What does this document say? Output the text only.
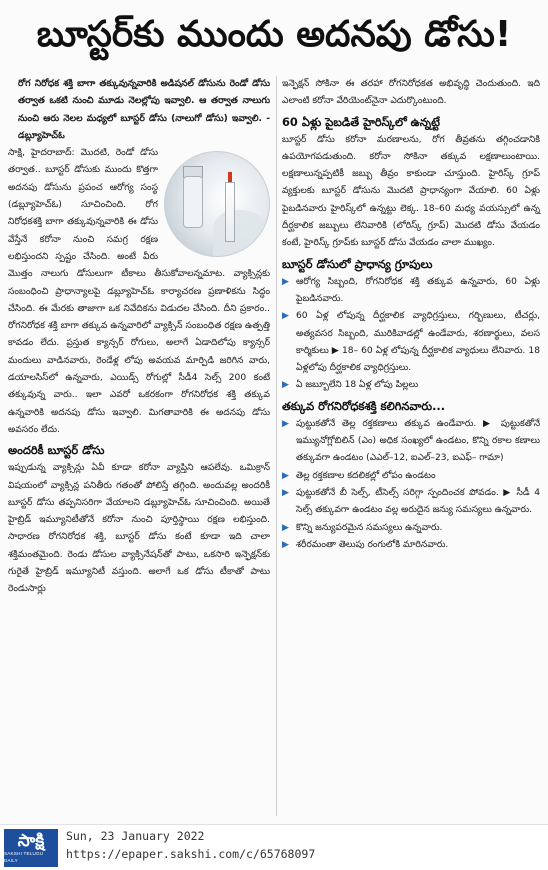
బూస్టర్‌కు ముందు అదనపు డోసు!

రోగ నిరోధక శక్తి బాగా తక్కువున్నవారికి అడిషనల్ డోసును రెండో డోసు తర్వాత ఒకటి నుంచి మూడు నెలల్లోపు ఇవ్వాలి. ఆ తర్వాత నాలుగు నుంచి ఆరు నెలల మధ్యలో బూస్టర్ డోసు (నాలుగో డోసు) ఇవ్వాలి. - డబ్ల్యూహెచ్ఓ

సాక్షి, హైదరాబాద్: మొదటి, రెండో డోసు తర్వాత.. బూస్టర్ డోసుకు ముందు కొత్తగా అదనపు డోసును ప్రపంచ ఆరోగ్య సంస్థ (డబ్ల్యూహెచ్ఓ) సూచించింది. రోగ నిరోధకశక్తి బాగా తక్కువున్నవారికి ఈ డోసు వేస్తేనే కరోనా నుంచి సమగ్ర రక్షణ లభిస్తుందని స్పష్టం చేసింది. అంటే వీరు మొత్తం నాలుగు డోసులుగా టీకాలు తీసుకోవాలన్నమాట. వ్యాక్సిన్లకు సంబంధించి ప్రాధాన్యాలపై డబ్ల్యూహెచ్ఓ కార్యాచరణ ప్రణాళికను సిద్ధం చేసింది. ఈ మేరకు తాజాగా ఒక నివేదికను విడుదల చేసింది. దీని ప్రకారం.. రోగనిరోధక శక్తి బాగా తక్కువ ఉన్నవారిలో వ్యాక్సిన్ సంబంధిత రక్షణ ఉత్పత్తి కావడం లేదు. ప్రస్తుత క్యాన్సర్ రోగులు, అలాగే ఏడాదిలోపు క్యాన్సర్ మందులు వాడినవారు, రెండేళ్ల లోపు అవయవ మార్పిడి జరిగిన వారు, డయాలసిస్‌లో ఉన్నవారు, ఎయిడ్స్ రోగుల్లో సీడీ4 సెల్స్ 200 కంటే తక్కువున్న వారు.. ఇలా ఎవరో ఒకరకంగా రోగనిరోధక శక్తి తక్కువ ఉన్నవారికి అదనపు డోసు ఇవ్వాలి. మిగతావారికి ఈ అదనపు డోసు అవసరం లేదు.

అందరికీ బూస్టర్ డోసు

ఇప్పుడున్న వ్యాక్సిన్లు ఏవీ కూడా కరోనా వ్యాప్తిని ఆపలేవు. ఒమిక్రాన్ విషయంలో వ్యాక్సిన్ల పనితీరు గతంతో పోలిస్తే తగ్గింది. అందువల్ల అందరికీ బూస్టర్ డోసు తప్పనిసరిగా వేయాలని డబ్ల్యూహెచ్ఓ సూచించింది. అయితే హైబ్రిడ్ ఇమ్యూనిటీతోనే కరోనా నుంచి పూర్తిస్థాయి రక్షణ లభిస్తుంది. సాధారణ రోగనిరోధక శక్తి, బూస్టర్ డోసు కంటే కూడా ఇది చాలా శక్తిమంతమైంది. రెండు డోసుల వ్యాక్సినేషన్‌తో పాటు, ఒకసారి ఇన్ఫెక్షన్‌కు గురైతే హైబ్రిడ్ ఇమ్యూనిటీ వస్తుంది. అలాగే ఒక డోసు టీకాతో పాటు రెండుసార్లు

ఇన్ఫెక్షన్ సోకినా ఈ తరహా రోగనిరోధకత అభివృద్ధి చెందుతుంది. ఇది ఎలాంటి కరోనా వేరియెంట్‌నైనా ఎదుర్కొంటుంది.

60 ఏళ్లు పైబడితే హైరిస్క్‌లో ఉన్నట్టే

బూస్టర్ డోసు కరోనా మరణాలను, రోగ తీవ్రతను తగ్గించడానికి ఉపయోగపడుతుంది. కరోనా సోకినా తక్కువ లక్షణాలుంటాయి. లక్షణాలున్నప్పటికీ జబ్బు తీవ్రం కాకుండా చూస్తుంది. హైరిస్క్ గ్రూప్ వ్యక్తులకు బూస్టర్ డోసును మొదటి ప్రాధాన్యంగా వేయాలి. 60 ఏళ్లు పైబడినవారు హైరిస్క్‌లో ఉన్నట్టు లెక్క. 18–60 మధ్య వయస్సులో ఉన్న దీర్ఘకాలిక జబ్బులు లేనివారికి (లోరిస్క్ గ్రూప్) మొదటి డోసు వేయడం కంటే, హైరిస్క్ గ్రూప్‌కు బూస్టర్ డోసు వేయడం చాలా ముఖ్యం.

బూస్టర్ డోసులో ప్రాధాన్య గ్రూపులు
▶ ఆరోగ్య సిబ్బంది, రోగనిరోధక శక్తి తక్కువ ఉన్నవారు, 60 ఏళ్లు పైబడినవారు.
▶ 60 ఏళ్ల లోపున్న దీర్ఘకాలిక వ్యాధిగ్రస్తులు, గర్భిణులు, టీచర్లు, అత్యవసర సిబ్బంది, మురికివాడల్లో ఉండేవారు, శరణార్థులు, వలస కార్మికులు ▶ 18– 60 ఏళ్ల లోపున్న దీర్ఘకాలిక వ్యాధులు లేనివారు. 18 ఏళ్లలోపు దీర్ఘకాలిక వ్యాధిగ్రస్తులు.
▶ ఏ జబ్బూలేని 18 ఏళ్ల లోపు పిల్లలు
తక్కువ రోగనిరోధకశక్తి కలిగినవారు...
▶ పుట్టుకతోనే తెల్ల రక్తకణాలు తక్కువ ఉండేవారు. ▶ పుట్టుకతోనే ఇమ్యునోగ్లోబిలిన్ (ఎం) అధిక సంఖ్యలో ఉండటం, కొన్ని రకాల కణాలు తక్కువగా ఉండటం (ఎఎల్–12, ఐఎల్–23, ఐఎఫ్– గామా)
▶ తెల్ల రక్తకణాల కదలికల్లో లోపం ఉండటం
▶ పుట్టుకతోనే బీ సెల్స్, టీసెల్స్ సరిగ్గా స్పందించక పోవడం. ▶ సీడీ 4 సెల్స్ తక్కువగా ఉండటం వల్ల అరుదైన జన్యు సమస్యలు ఉన్నవారు.
▶ కొన్ని జన్యుపరమైన సమస్యలు ఉన్నవారు.
▶ శరీరమంతా తెలుపు రంగులోకి మారినవారు.
సాక్షి
SAKSHI TELUGU DAILY
Sun, 23 January 2022
https://epaper.sakshi.com/c/65768097
